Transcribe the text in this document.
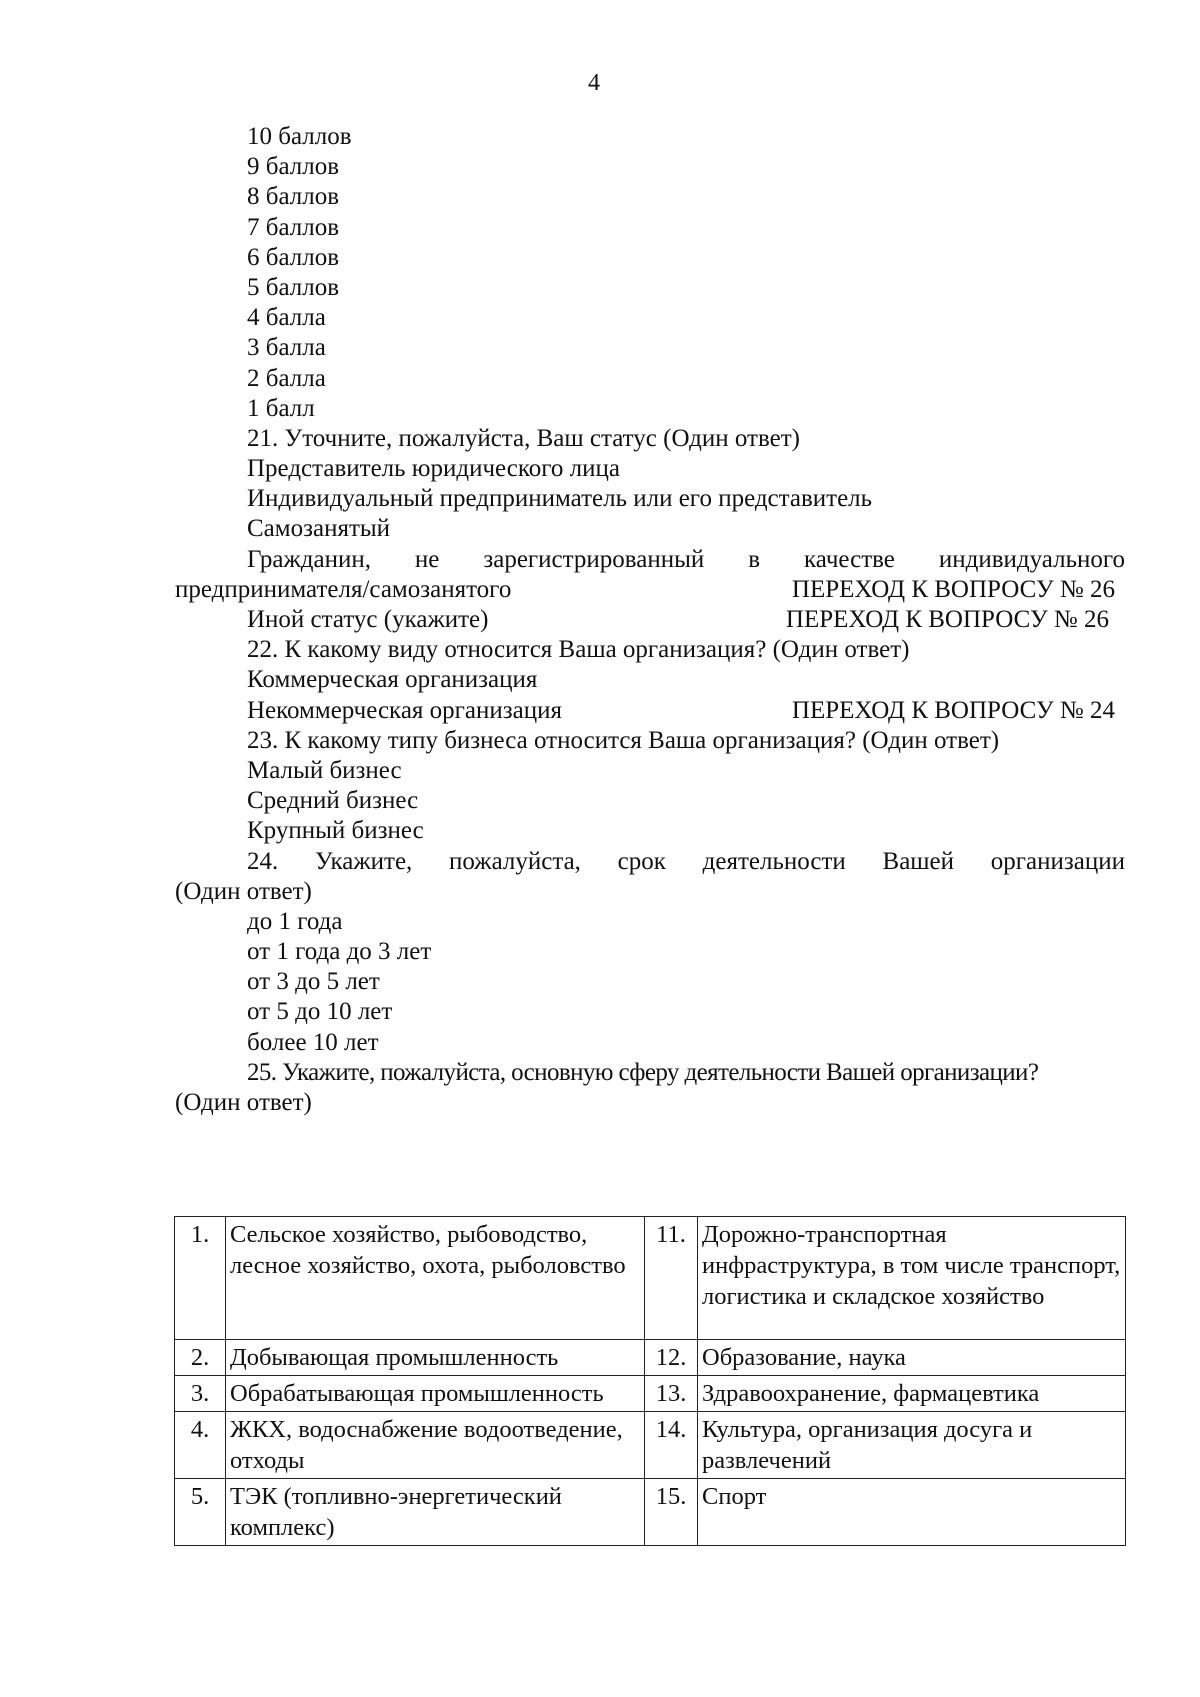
4
10 баллов
9 баллов
8 баллов
7 баллов
6 баллов
5 баллов
4 балла
3 балла
2 балла
1 балл
21. Уточните, пожалуйста, Ваш статус (Один ответ)
Представитель юридического лица
Индивидуальный предприниматель или его представитель
Самозанятый
Гражданин, не зарегистрированный в качестве индивидуального
предпринимателя/самозанятого	ПЕРЕХОД К ВОПРОСУ № 26
Иной статус (укажите)	ПЕРЕХОД К ВОПРОСУ № 26
22. К какому виду относится Ваша организация? (Один ответ)
Коммерческая организация
Некоммерческая организация	ПЕРЕХОД К ВОПРОСУ № 24
23. К какому типу бизнеса относится Ваша организация? (Один ответ)
Малый бизнес
Средний бизнес
Крупный бизнес
24. Укажите, пожалуйста, срок деятельности Вашей организации
(Один ответ)
до 1 года
от 1 года до 3 лет
от 3 до 5 лет
от 5 до 10 лет
более 10 лет
25. Укажите, пожалуйста, основную сферу деятельности Вашей организации?
(Один ответ)
1.	Сельское хозяйство, рыбоводство, лесное хозяйство, охота, рыболовство	11.	Дорожно-транспортная инфраструктура, в том числе транспорт, логистика и складское хозяйство
2.	Добывающая промышленность	12.	Образование, наука
3.	Обрабатывающая промышленность	13.	Здравоохранение, фармацевтика
4.	ЖКХ, водоснабжение водоотведение, отходы	14.	Культура, организация досуга и развлечений
5.	ТЭК (топливно-энергетический комплекс)	15.	Спорт
